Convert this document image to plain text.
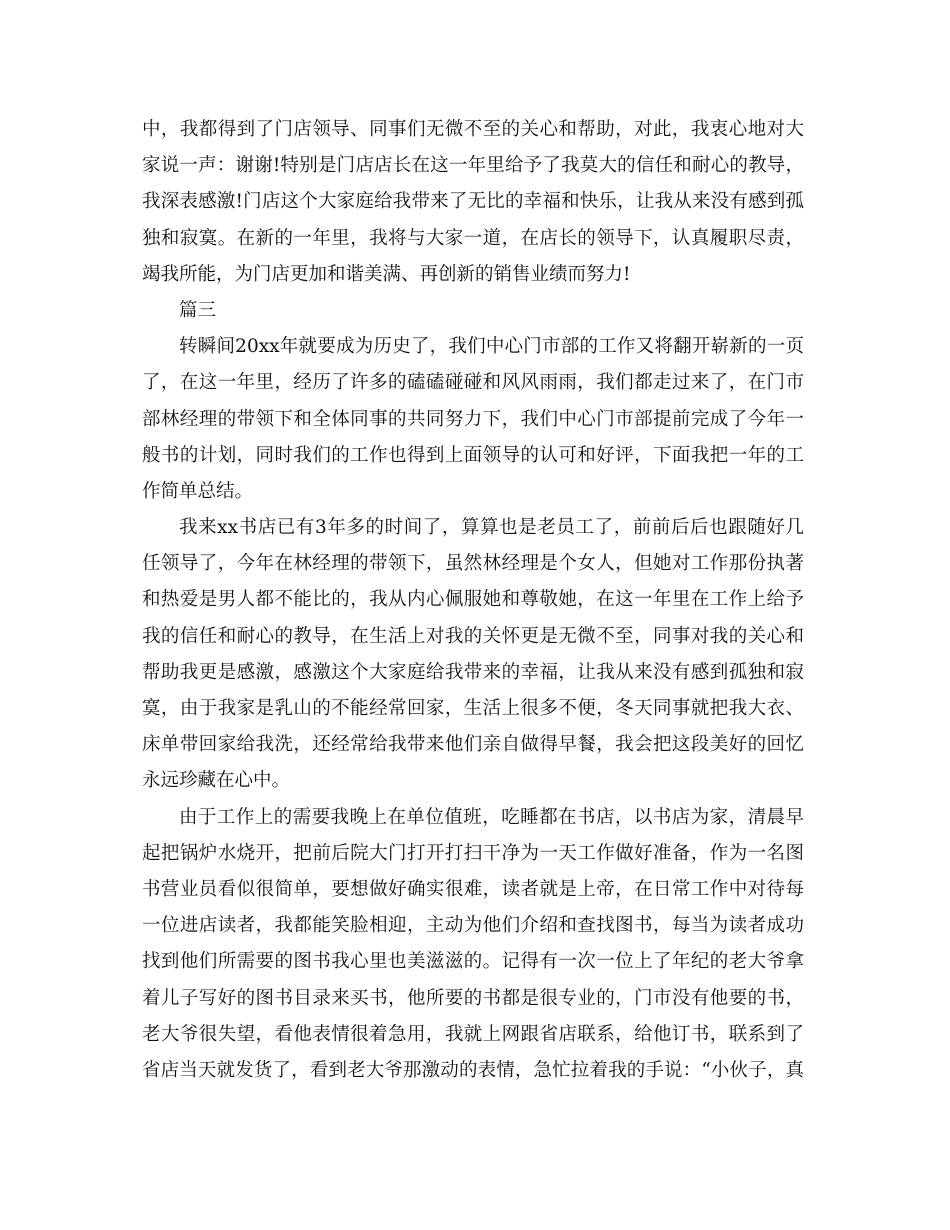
中，我都得到了门店领导、同事们无微不至的关心和帮助，对此，我衷心地对大
家说一声：谢谢!特别是门店店长在这一年里给予了我莫大的信任和耐心的教导，
我深表感激!门店这个大家庭给我带来了无比的幸福和快乐，让我从来没有感到孤
独和寂寞。在新的一年里，我将与大家一道，在店长的领导下，认真履职尽责，
竭我所能，为门店更加和谐美满、再创新的销售业绩而努力!
篇三
转瞬间20xx年就要成为历史了，我们中心门市部的工作又将翻开崭新的一页
了，在这一年里，经历了许多的磕磕碰碰和风风雨雨，我们都走过来了，在门市
部林经理的带领下和全体同事的共同努力下，我们中心门市部提前完成了今年一
般书的计划，同时我们的工作也得到上面领导的认可和好评，下面我把一年的工
作简单总结。
我来xx书店已有3年多的时间了，算算也是老员工了，前前后后也跟随好几
任领导了，今年在林经理的带领下，虽然林经理是个女人，但她对工作那份执著
和热爱是男人都不能比的，我从内心佩服她和尊敬她，在这一年里在工作上给予
我的信任和耐心的教导，在生活上对我的关怀更是无微不至，同事对我的关心和
帮助我更是感激，感激这个大家庭给我带来的幸福，让我从来没有感到孤独和寂
寞，由于我家是乳山的不能经常回家，生活上很多不便，冬天同事就把我大衣、
床单带回家给我洗，还经常给我带来他们亲自做得早餐，我会把这段美好的回忆
永远珍藏在心中。
由于工作上的需要我晚上在单位值班，吃睡都在书店，以书店为家，清晨早
起把锅炉水烧开，把前后院大门打开打扫干净为一天工作做好准备，作为一名图
书营业员看似很简单，要想做好确实很难，读者就是上帝，在日常工作中对待每
一位进店读者，我都能笑脸相迎，主动为他们介绍和查找图书，每当为读者成功
找到他们所需要的图书我心里也美滋滋的。记得有一次一位上了年纪的老大爷拿
着儿子写好的图书目录来买书，他所要的书都是很专业的，门市没有他要的书，
老大爷很失望，看他表情很着急用，我就上网跟省店联系，给他订书，联系到了
省店当天就发货了，看到老大爷那激动的表情，急忙拉着我的手说：“小伙子，真
